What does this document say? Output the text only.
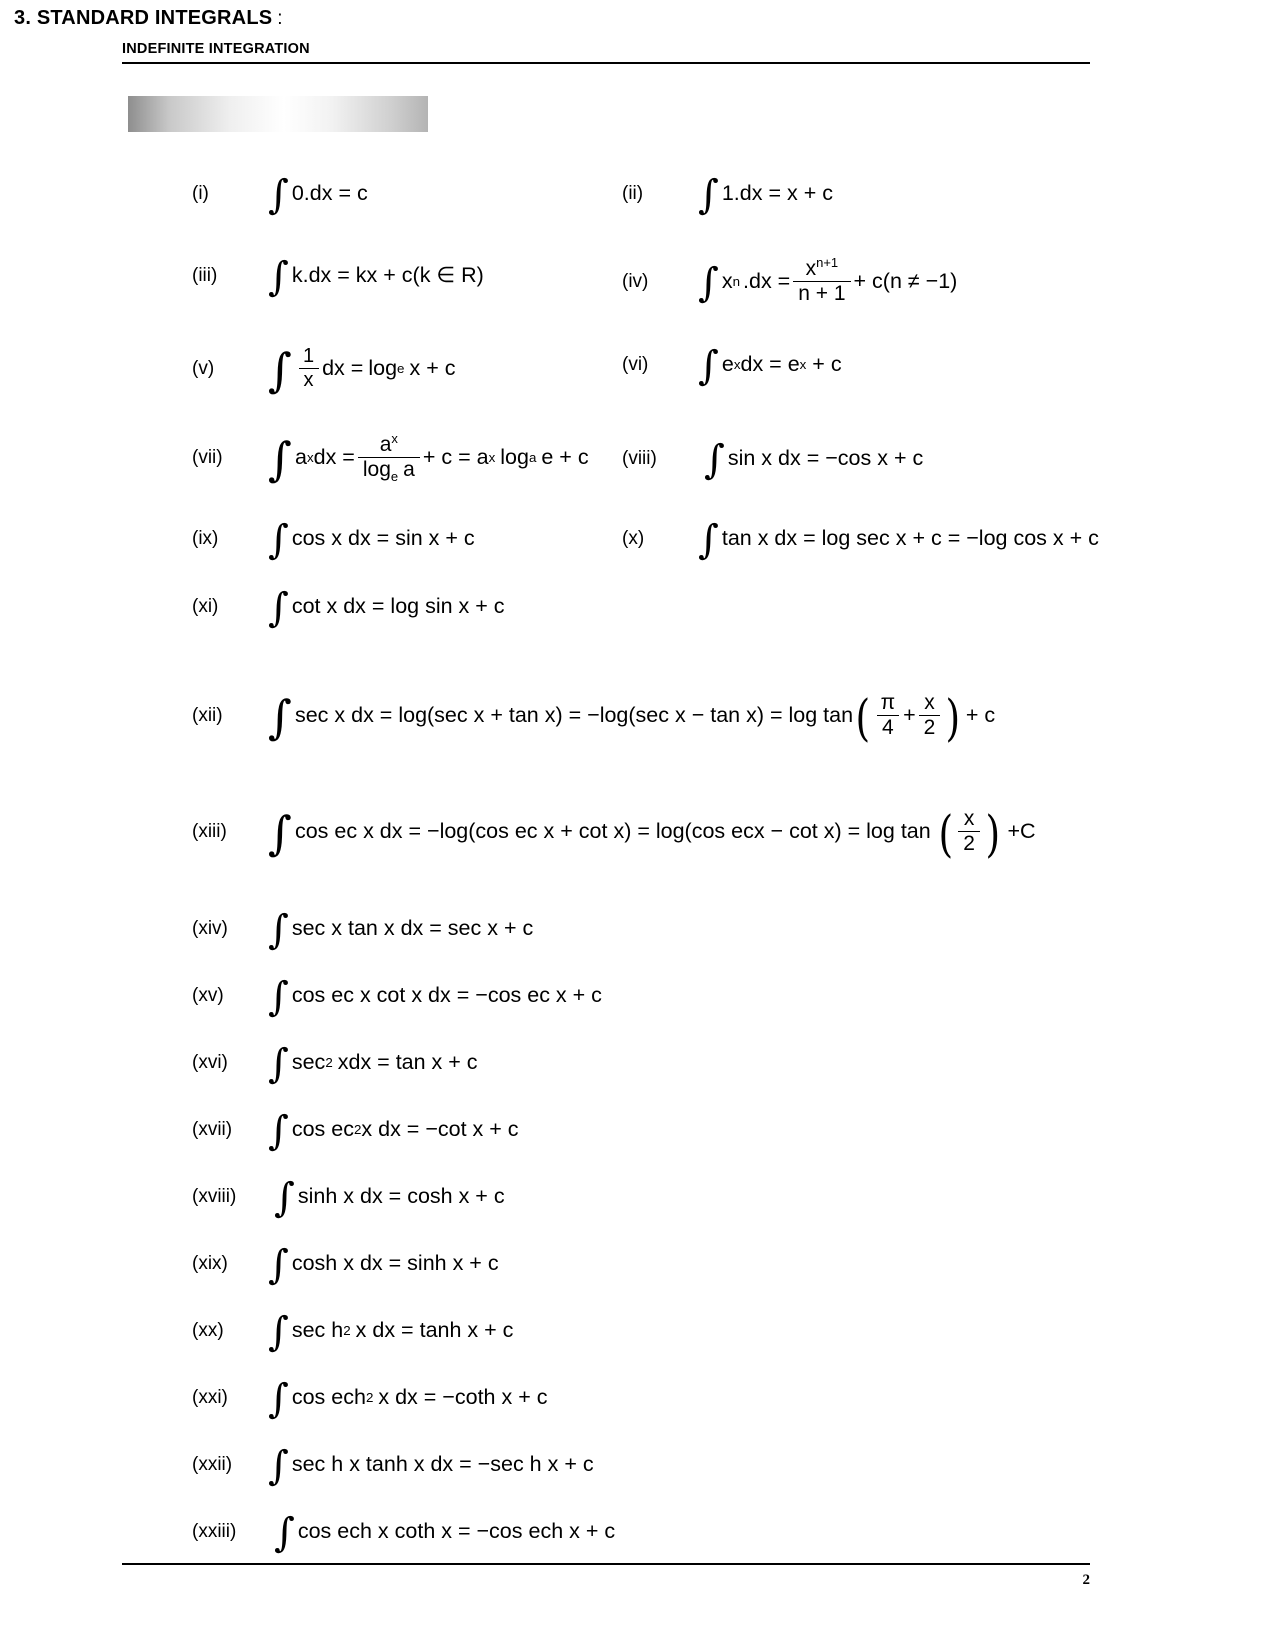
INDEFINITE INTEGRATION
3. STANDARD INTEGRALS :
(i)	∫ 0.dx = c	(ii)	∫ 1.dx = x + c
(iii)	∫ k.dx = kx + c(k ∈ R)	(iv)	∫ x n $.dx = \frac{x^{n+1}}{n + 1} + c(n \ne -1)$
(v)	∫ $\frac{1}{x}$ dx = log e x + c	(vi)	∫ e x dx = e x + c
(vii) ∫ a x dx = $\frac{a^x}{\log_e a} + c = a$ x log a e + c (viii)	∫ sin x dx = −cos x + c
(ix)	∫ cos x dx = sin x + c	(x)	∫ tan x dx = log sec x + c = −log cos x + c
(xi)	∫ cot x dx = log sin x + c
(xii) ∫ sec x dx = log(sec x + tan x) = −log(sec x − tan x) = log tan ( $\frac{\pi}{4} + \frac{x}{2}$ ) + c
(xiii) ∫ cos ec x dx = −log(cos ec x + cot x) = log(cos ecx − cot x) = log tan ( $\frac{x}{2}$ ) +C
(xiv)	∫ sec x tan x dx = sec x + c
(xv)	∫ cos ec x cot x dx = −cos ec x + c
(xvi)	∫ sec 2 xdx = tan x + c
(xvii) ∫ cos ec 2 x dx = −cot x + c
(xviii) ∫ sinh x dx = cosh x + c
(xix)	∫ cosh x dx = sinh x + c
(xx)	∫ sec h 2 x dx = tanh x + c
(xxi)	∫ cos ech 2 x dx = −coth x + c
(xxii) ∫ sec h x tanh x dx = −sec h x + c
(xxiii) ∫ cos ech x coth x = −cos ech x + c
2
